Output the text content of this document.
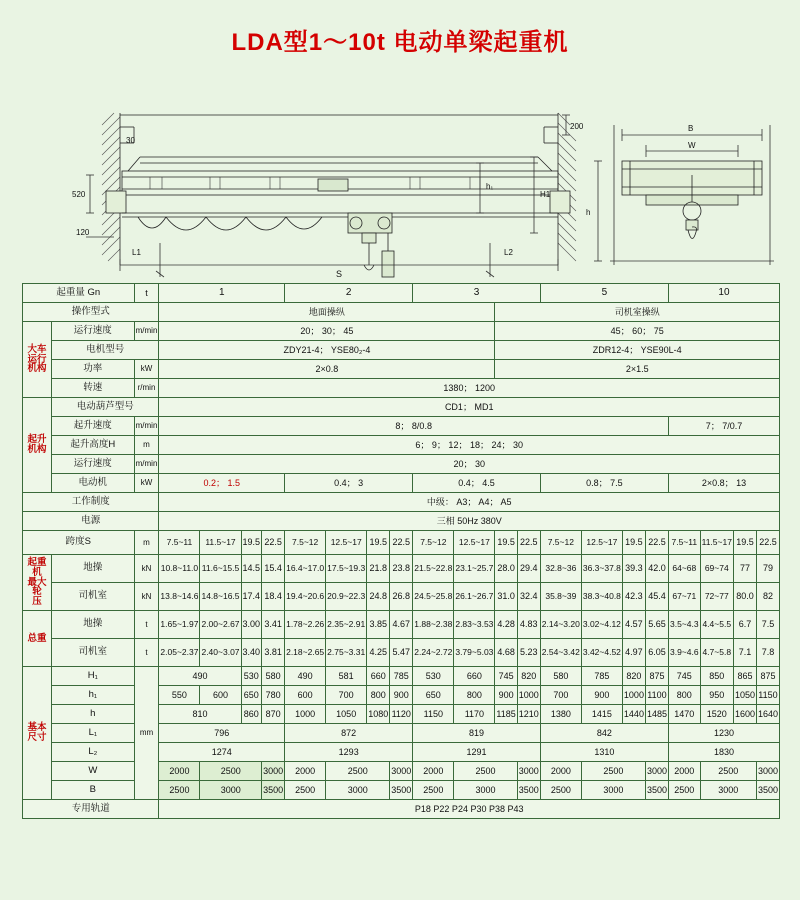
LDA型1～10t 电动单梁起重机
200
30
520
120
h₁
H1
L1	L2
B
W
h
S
起重量 Gn		t	1				2				3				5				10			
操作型式			地面操纵										司机室操纵									

大车
运行
机构	运行速度	m/min	20； 30； 45										45； 60； 75									
	电机型号		ZDY21-4； YSE80₂-4										ZDR12-4； YSE90L-4									
	功率	kW	2×0.8										2×1.5									
	转速	r/min	1380； 1200																			

起升
机构	电动葫芦型号		CD1； MD1																			
	起升速度	m/min	8； 8/0.8																7； 7/0.7			
	起升高度H	m	6； 9； 12； 18； 24； 30																			
	运行速度	m/min	20； 30																			
	电动机	kW	0.2； 1.5				0.4； 3				0.4； 4.5				0.8； 7.5				2×0.8； 13			
工作制度			中级： A3； A4； A5																			
电源			三相 50Hz 380V																			
跨度S		m	7.5~11	11.5~17	19.5	22.5	7.5~12	12.5~17	19.5	22.5	7.5~12	12.5~17	19.5	22.5	7.5~12	12.5~17	19.5	22.5	7.5~11	11.5~17	19.5	22.5

起重机
最大轮
压	地操	kN	10.8~11.0	11.6~15.5	14.5	15.4	16.4~17.0	17.5~19.3	21.8	23.8	21.5~22.8	23.1~25.7	28.0	29.4	32.8~36	36.3~37.8	39.3	42.0	64~68	69~74	77	79
	司机室	kN	13.8~14.6	14.8~16.5	17.4	18.4	19.4~20.6	20.9~22.3	24.8	26.8	24.5~25.8	26.1~26.7	31.0	32.4	35.8~39	38.3~40.8	42.3	45.4	67~71	72~77	80.0	82

总重	地操	t	1.65~1.97	2.00~2.67	3.00	3.41	1.78~2.26	2.35~2.91	3.85	4.67	1.88~2.38	2.83~3.53	4.28	4.83	2.14~3.20	3.02~4.12	4.57	5.65	3.5~4.3	4.4~5.5	6.7	7.5
	司机室	t	2.05~2.37	2.40~3.07	3.40	3.81	2.18~2.65	2.75~3.31	4.25	5.47	2.24~2.72	3.79~5.03	4.68	5.23	2.54~3.42	3.42~4.52	4.97	6.05	3.9~4.6	4.7~5.8	7.1	7.8

基本
尺寸	H₁	mm	490		530	580	490	581	660	785	530	660	745	820	580	785	820	875	745	850	865	875
	h₁		550	600	650	780	600	700	800	900	650	800	900	1000	700	900	1000	1100	800	950	1050	1150
	h		810		860	870	1000	1050	1080	1120	1150	1170	1185	1210	1380	1415	1440	1485	1470	1520	1600	1640
	L₁		796				872				819				842				1230			
	L₂		1274				1293				1291				1310				1830			
	W		2000	2500		3000	2000	2500		3000	2000	2500		3000	2000	2500		3000	2000	2500		3000
	B		2500	3000		3500	2500	3000		3500	2500	3000		3500	2500	3000		3500	2500	3000		3500
专用轨道			P18 P22 P24 P30 P38 P43																			
